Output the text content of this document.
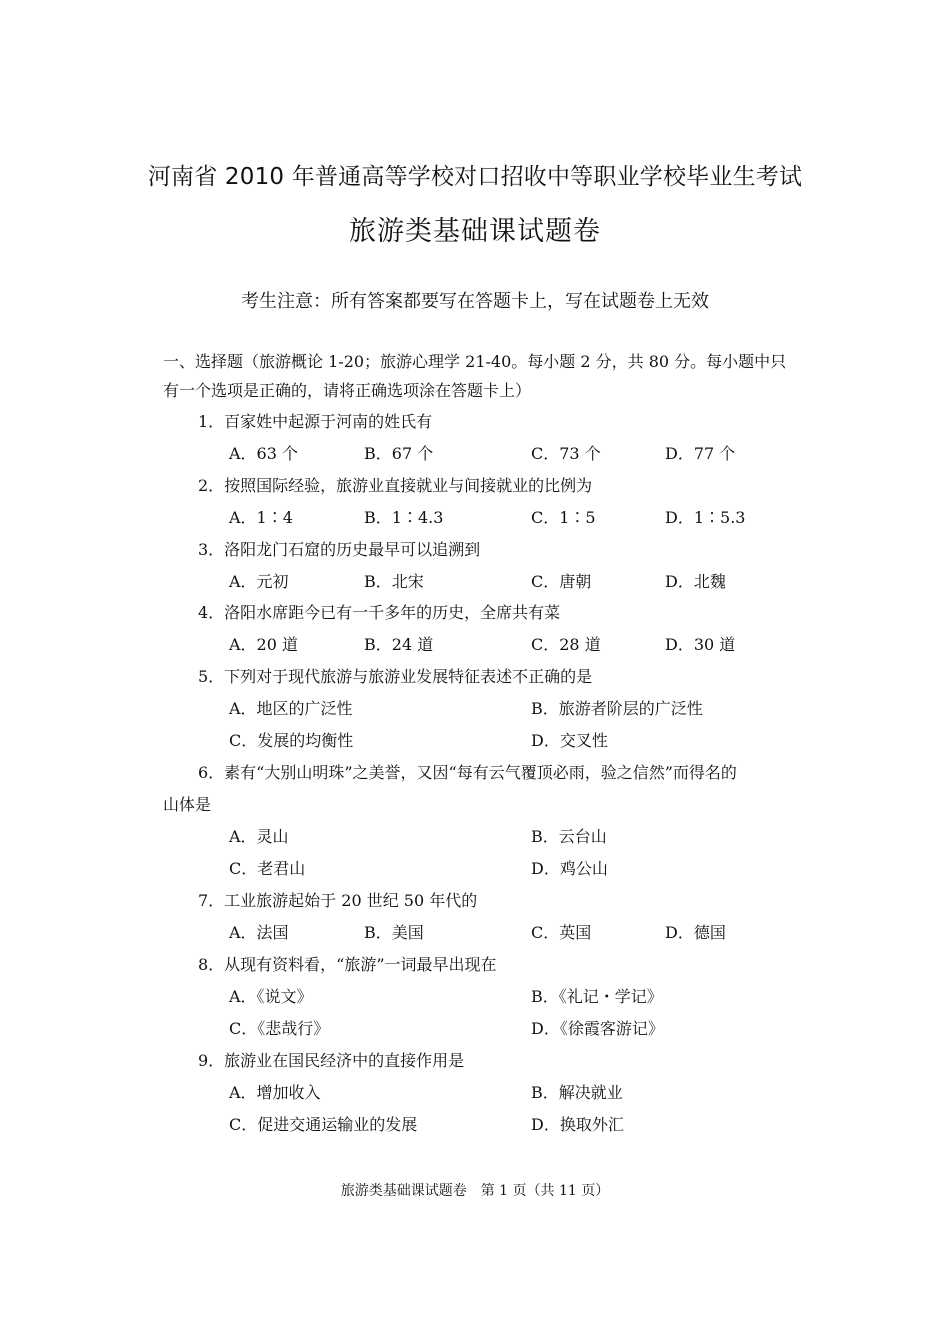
河南省 2010 年普通高等学校对口招收中等职业学校毕业生考试
旅游类基础课试题卷
考生注意：所有答案都要写在答题卡上，写在试题卷上无效
一、选择题（旅游概论 1-20；旅游心理学 21-40。每小题 2 分，共 80 分。每小题中只
有一个选项是正确的，请将正确选项涂在答题卡上）
1．百家姓中起源于河南的姓氏有
A．63 个	B．67 个	C．73 个	D．77 个
2．按照国际经验，旅游业直接就业与间接就业的比例为
A．1∶4	B．1∶4.3	C．1∶5	D．1∶5.3
3．洛阳龙门石窟的历史最早可以追溯到
A．元初	B．北宋	C．唐朝	D．北魏
4．洛阳水席距今已有一千多年的历史，全席共有菜
A．20 道	B．24 道	C．28 道	D．30 道
5．下列对于现代旅游与旅游业发展特征表述不正确的是
A．地区的广泛性	B．旅游者阶层的广泛性
C．发展的均衡性	D．交叉性
6．素有“大别山明珠”之美誉，又因“每有云气覆顶必雨，验之信然”而得名的
山体是
A．灵山	B．云台山
C．老君山	D．鸡公山
7．工业旅游起始于 20 世纪 50 年代的
A．法国	B．美国	C．英国	D．德国
8．从现有资料看，“旅游”一词最早出现在
A．《说文》	B．《礼记・学记》
C．《悲哉行》	D．《徐霞客游记》
9．旅游业在国民经济中的直接作用是
A．增加收入	B．解决就业
C．促进交通运输业的发展	D．换取外汇
旅游类基础课试题卷　第 1 页（共 11 页）
